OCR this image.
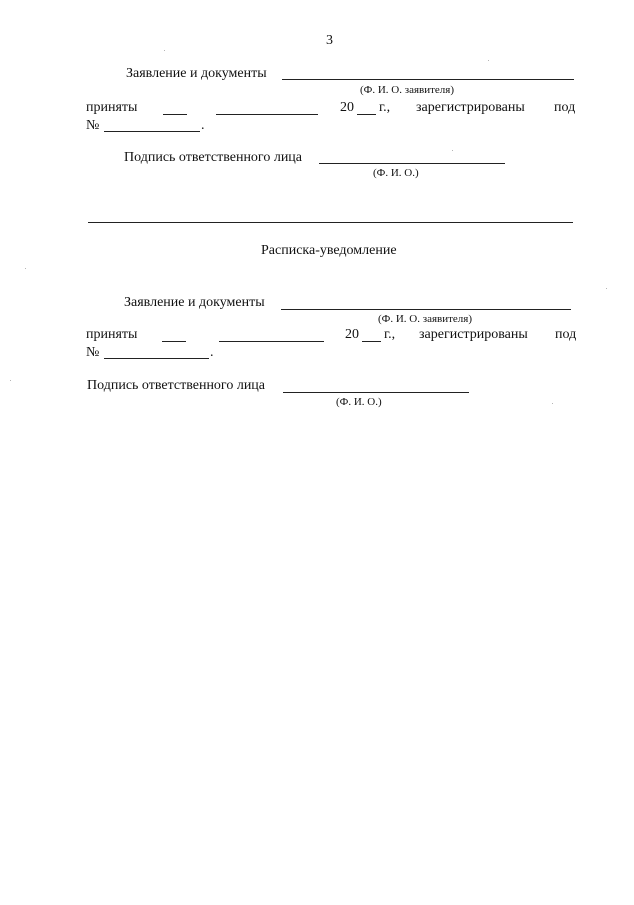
3
Заявление и документы
(Ф. И. О. заявителя)
приняты	20 г., зарегистрированы под
№	.
Подпись ответственного лица
(Ф. И. О.)
Расписка-уведомление
Заявление и документы
(Ф. И. О. заявителя)
приняты	20 г., зарегистрированы под
№	.
Подпись ответственного лица
(Ф. И. О.)
